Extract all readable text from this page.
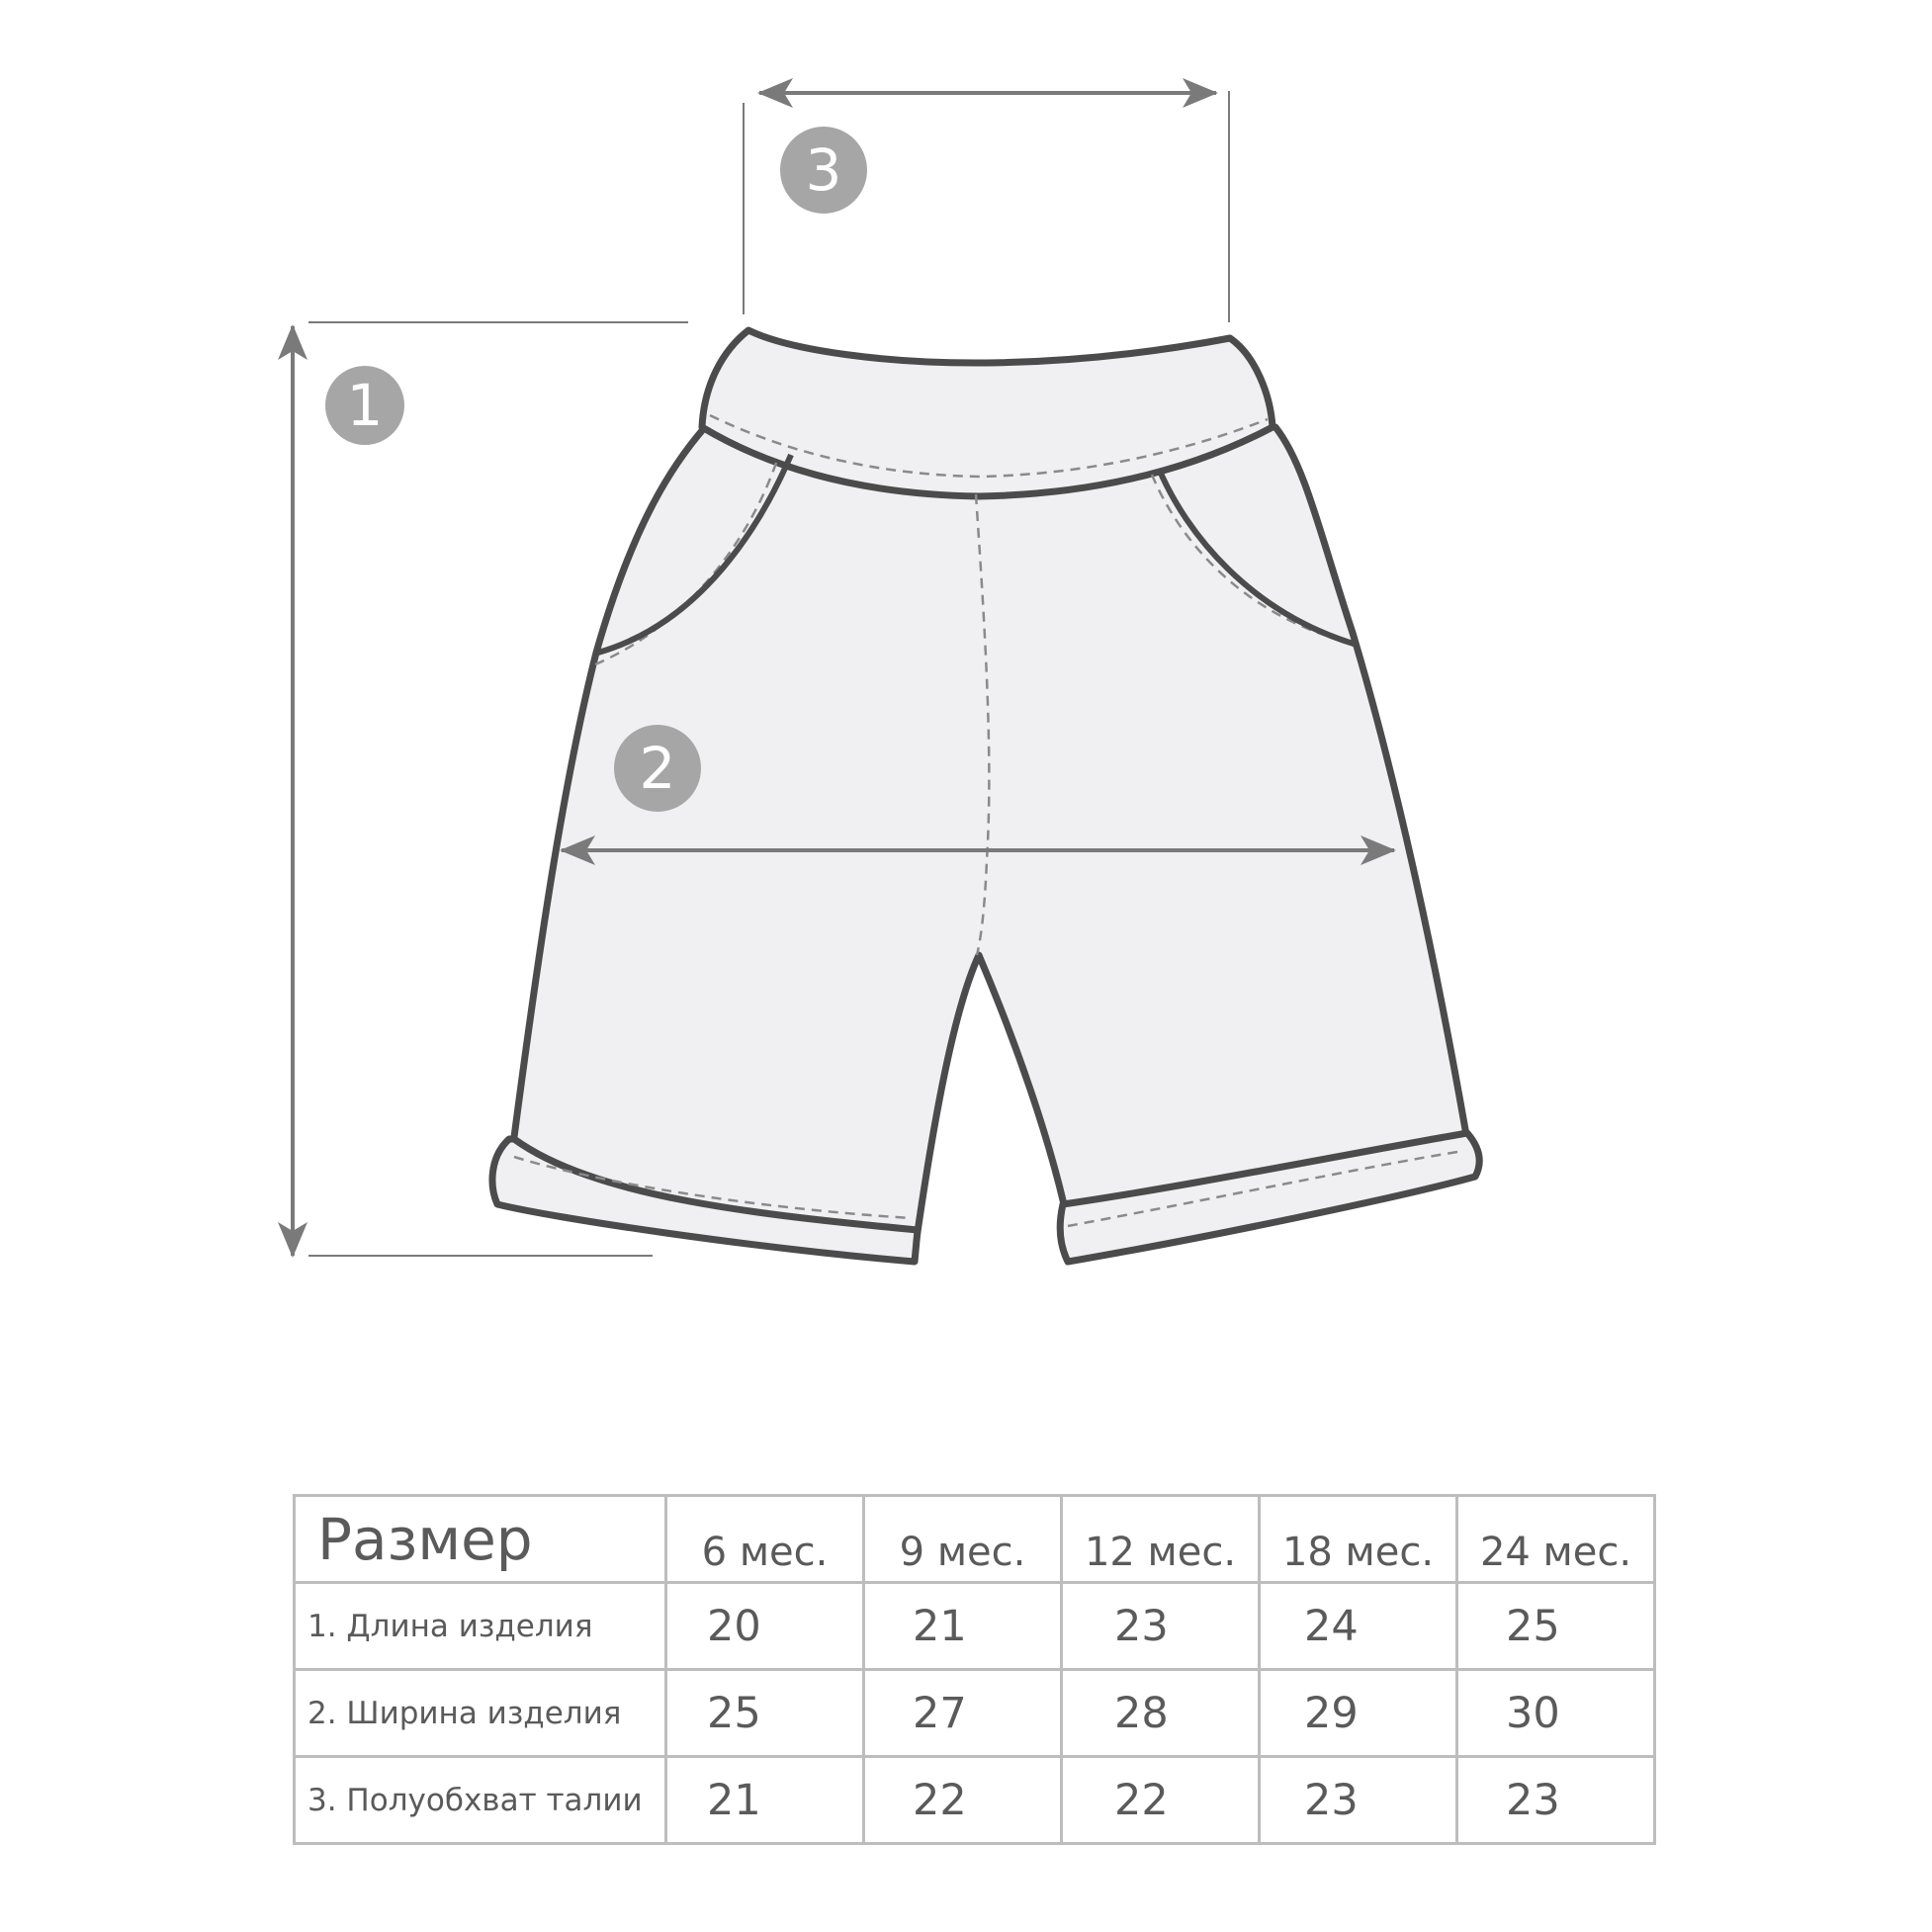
1
2
3
Размер	6 мес.	9 мес.	12 мес.	18 мес.	24 мес.
1. Длина изделия	20	21	23	24	25
2. Ширина изделия	25	27	28	29	30
3. Полуобхват талии	21	22	22	23	23
